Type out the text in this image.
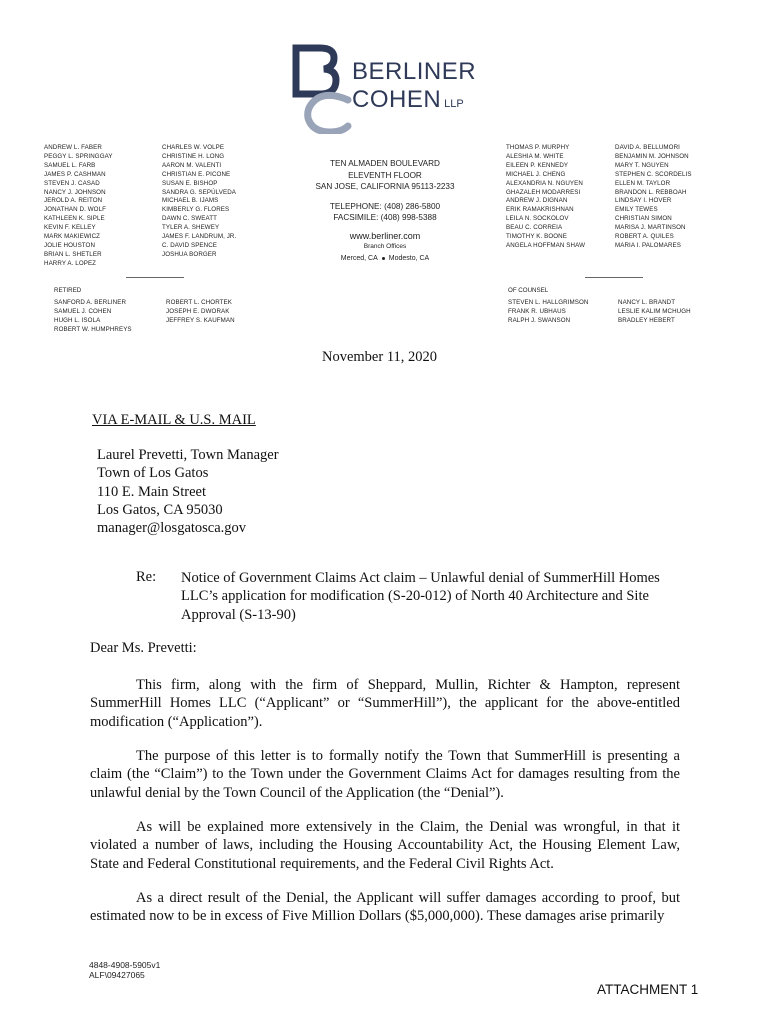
BERLINER
COHEN LLP
ANDREW L. FABER
PEGGY L. SPRINGGAY
SAMUEL L. FARB
JAMES P. CASHMAN
STEVEN J. CASAD
NANCY J. JOHNSON
JEROLD A. REITON
JONATHAN D. WOLF
KATHLEEN K. SIPLE
KEVIN F. KELLEY
MARK MAKIEWICZ
JOLIE HOUSTON
BRIAN L. SHETLER
HARRY A. LOPEZ
CHARLES W. VOLPE
CHRISTINE H. LONG
AARON M. VALENTI
CHRISTIAN E. PICONE
SUSAN E. BISHOP
SANDRA G. SEPÚLVEDA
MICHAEL B. IJAMS
KIMBERLY G. FLORES
DAWN C. SWEATT
TYLER A. SHEWEY
JAMES F. LANDRUM, JR.
C. DAVID SPENCE
JOSHUA BORGER
THOMAS P. MURPHY
ALESHIA M. WHITE
EILEEN P. KENNEDY
MICHAEL J. CHENG
ALEXANDRIA N. NGUYEN
GHAZALEH MODARRESI
ANDREW J. DIGNAN
ERIK RAMAKRISHNAN
LEILA N. SOCKOLOV
BEAU C. CORREIA
TIMOTHY K. BOONE
ANGELA HOFFMAN SHAW
DAVID A. BELLUMORI
BENJAMIN M. JOHNSON
MARY T. NGUYEN
STEPHEN C. SCORDELIS
ELLEN M. TAYLOR
BRANDON L. REBBOAH
LINDSAY I. HOVER
EMILY TEWES
CHRISTIAN SIMON
MARISA J. MARTINSON
ROBERT A. QUILES
MARIA I. PALOMARES
TEN ALMADEN BOULEVARD
ELEVENTH FLOOR
SAN JOSE, CALIFORNIA 95113-2233
TELEPHONE: (408) 286-5800
FACSIMILE: (408) 998-5388
www.berliner.com
Branch Offices
Merced, CA Modesto, CA
RETIRED
SANFORD A. BERLINER
SAMUEL J. COHEN
HUGH L. ISOLA
ROBERT W. HUMPHREYS
ROBERT L. CHORTEK
JOSEPH E. DWORAK
JEFFREY S. KAUFMAN
OF COUNSEL
STEVEN L. HALLGRIMSON
FRANK R. UBHAUS
RALPH J. SWANSON
NANCY L. BRANDT
LESLIE KALIM MCHUGH
BRADLEY HEBERT
November 11, 2020
VIA E-MAIL & U.S. MAIL
Laurel Prevetti, Town Manager
Town of Los Gatos
110 E. Main Street
Los Gatos, CA 95030
manager@losgatosca.gov
Re: Notice of Government Claims Act claim – Unlawful denial of SummerHill Homes LLC’s application for modification (S-20-012) of North 40 Architecture and Site Approval (S-13-90)
Dear Ms. Prevetti:
This firm, along with the firm of Sheppard, Mullin, Richter & Hampton, represent SummerHill Homes LLC (“Applicant” or “SummerHill”), the applicant for the above-entitled modification (“Application”).
The purpose of this letter is to formally notify the Town that SummerHill is presenting a claim (the “Claim”) to the Town under the Government Claims Act for damages resulting from the unlawful denial by the Town Council of the Application (the “Denial”).
As will be explained more extensively in the Claim, the Denial was wrongful, in that it violated a number of laws, including the Housing Accountability Act, the Housing Element Law, State and Federal Constitutional requirements, and the Federal Civil Rights Act.
As a direct result of the Denial, the Applicant will suffer damages according to proof, but estimated now to be in excess of Five Million Dollars ($5,000,000). These damages arise primarily
4848-4908-5905v1
ALF\09427065
ATTACHMENT 1
